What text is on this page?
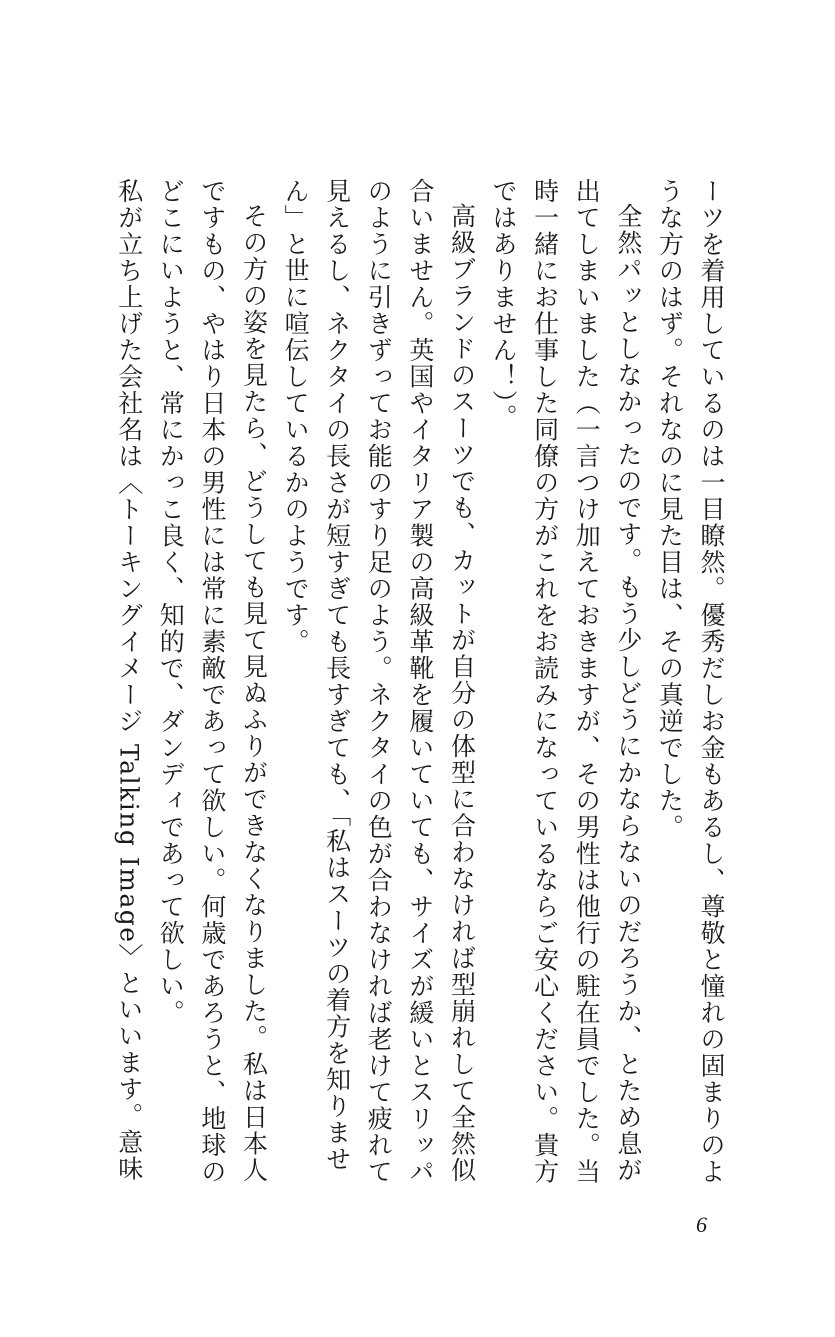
ーツを着用しているのは一目瞭然。優秀だしお金もあるし、尊敬と憧れの固まりのような方のはず。それなのに見た目は、その真逆でした。

全然パッとしなかったのです。もう少しどうにかならないのだろうか、とため息が出てしまいました（一言つけ加えておきますが、その男性は他行の駐在員でした。当時一緒にお仕事した同僚の方がこれをお読みになっているならご安心ください。貴方ではありません！）。

高級ブランドのスーツでも、カットが自分の体型に合わなければ型崩れして全然似合いません。英国やイタリア製の高級革靴を履いていても、サイズが緩いとスリッパのように引きずってお能のすり足のよう。ネクタイの色が合わなければ老けて疲れて見えるし、ネクタイの長さが短すぎても長すぎても、「私はスーツの着方を知りません」と世に喧伝しているかのようです。

その方の姿を見たら、どうしても見て見ぬふりができなくなりました。私は日本人ですもの、やはり日本の男性には常に素敵であって欲しい。何歳であろうと、地球のどこにいようと、常にかっこ良く、知的で、ダンディであって欲しい。

私が立ち上げた会社名は〈トーキングイメージ Talking Image〉といいます。意味

6
